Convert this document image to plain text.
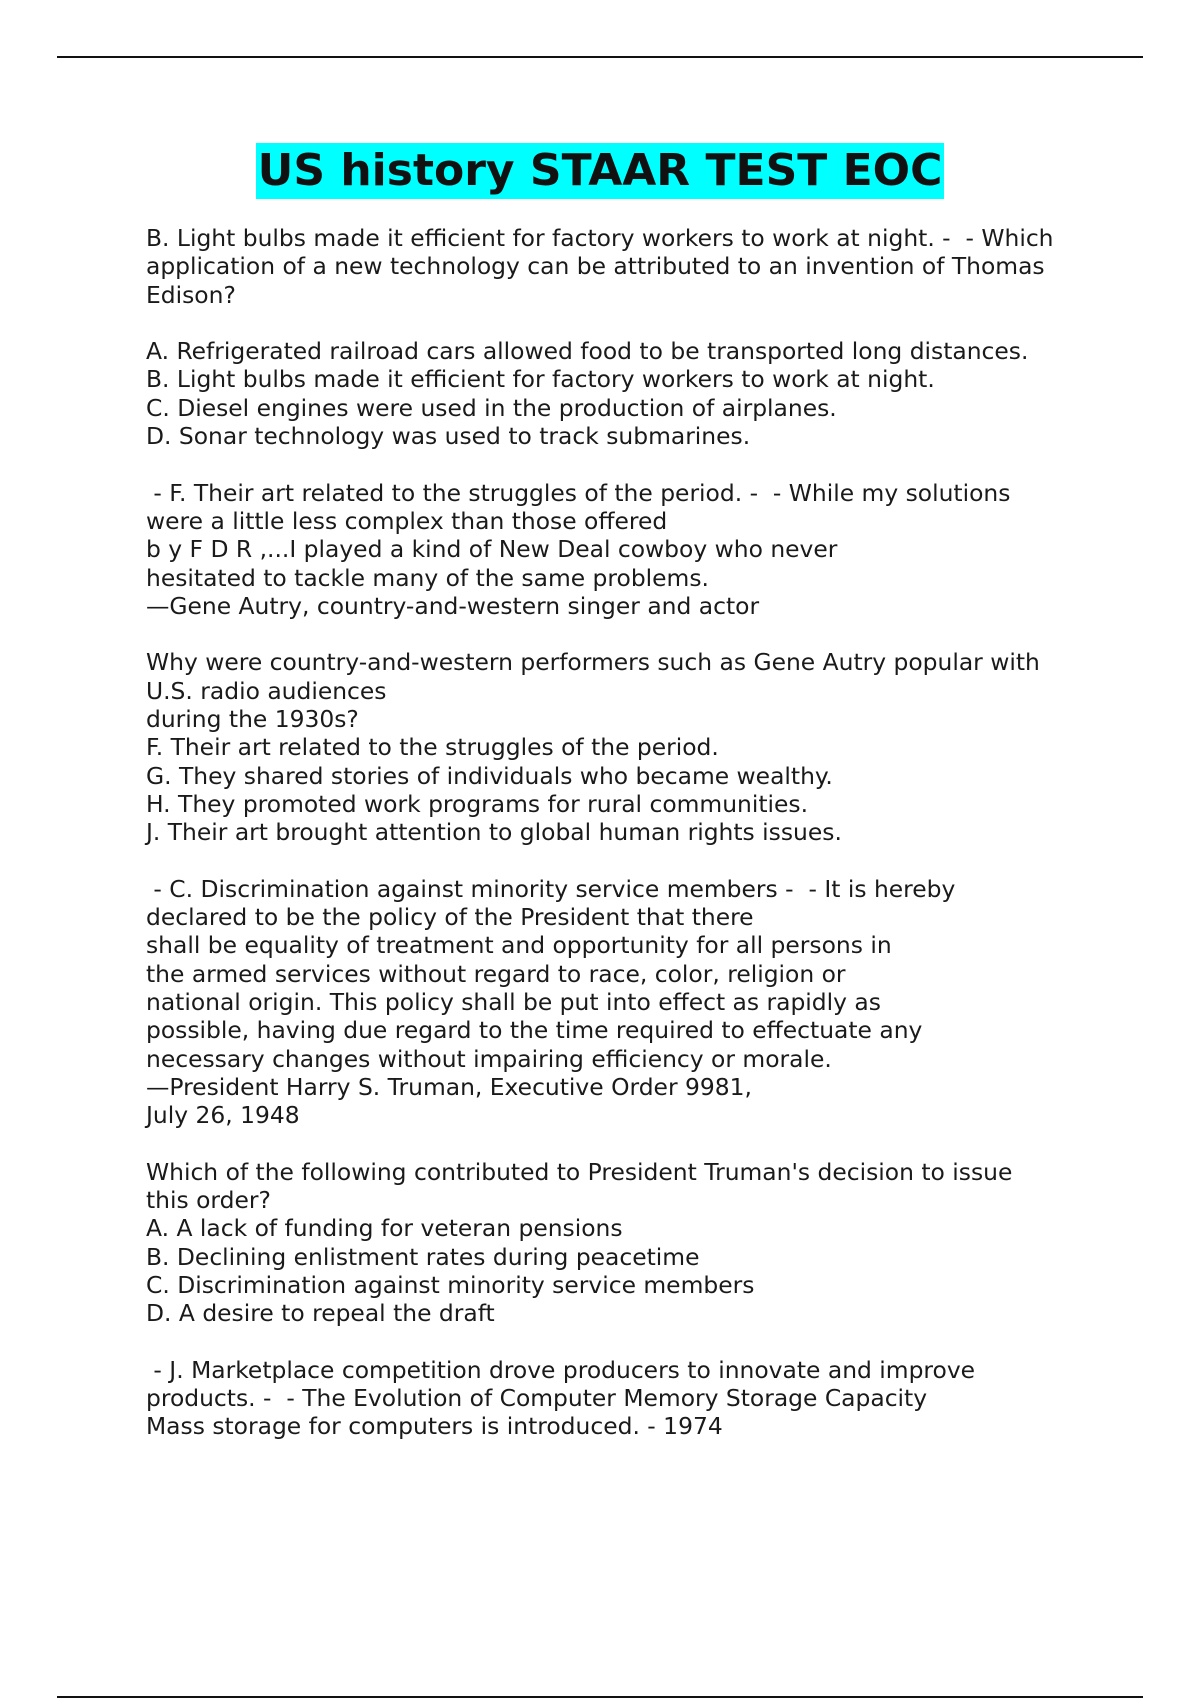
US history STAAR TEST EOC
B. Light bulbs made it efficient for factory workers to work at night. -  - Which
application of a new technology can be attributed to an invention of Thomas
Edison?
A. Refrigerated railroad cars allowed food to be transported long distances.
B. Light bulbs made it efficient for factory workers to work at night.
C. Diesel engines were used in the production of airplanes.
D. Sonar technology was used to track submarines.
- F. Their art related to the struggles of the period. -  - While my solutions
were a little less complex than those offered
b y F D R ,...I played a kind of New Deal cowboy who never
hesitated to tackle many of the same problems.
—Gene Autry, country-and-western singer and actor
Why were country-and-western performers such as Gene Autry popular with
U.S. radio audiences
during the 1930s?
F. Their art related to the struggles of the period.
G. They shared stories of individuals who became wealthy.
H. They promoted work programs for rural communities.
J. Their art brought attention to global human rights issues.
- C. Discrimination against minority service members -  - It is hereby
declared to be the policy of the President that there
shall be equality of treatment and opportunity for all persons in
the armed services without regard to race, color, religion or
national origin. This policy shall be put into effect as rapidly as
possible, having due regard to the time required to effectuate any
necessary changes without impairing efficiency or morale.
—President Harry S. Truman, Executive Order 9981,
July 26, 1948
Which of the following contributed to President Truman's decision to issue
this order?
A. A lack of funding for veteran pensions
B. Declining enlistment rates during peacetime
C. Discrimination against minority service members
D. A desire to repeal the draft
- J. Marketplace competition drove producers to innovate and improve
products. -  - The Evolution of Computer Memory Storage Capacity
Mass storage for computers is introduced. - 1974
